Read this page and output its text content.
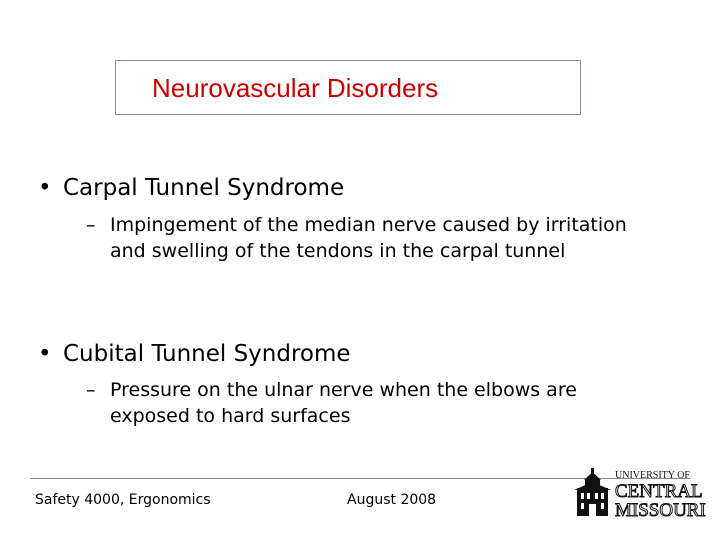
Neurovascular Disorders
• Carpal Tunnel Syndrome
– Impingement of the median nerve caused by irritation
and swelling of the tendons in the carpal tunnel
• Cubital Tunnel Syndrome
– Pressure on the ulnar nerve when the elbows are
exposed to hard surfaces
Safety 4000, Ergonomics	August 2008
UNIVERSITY OF
CENTRAL
MISSOURI
